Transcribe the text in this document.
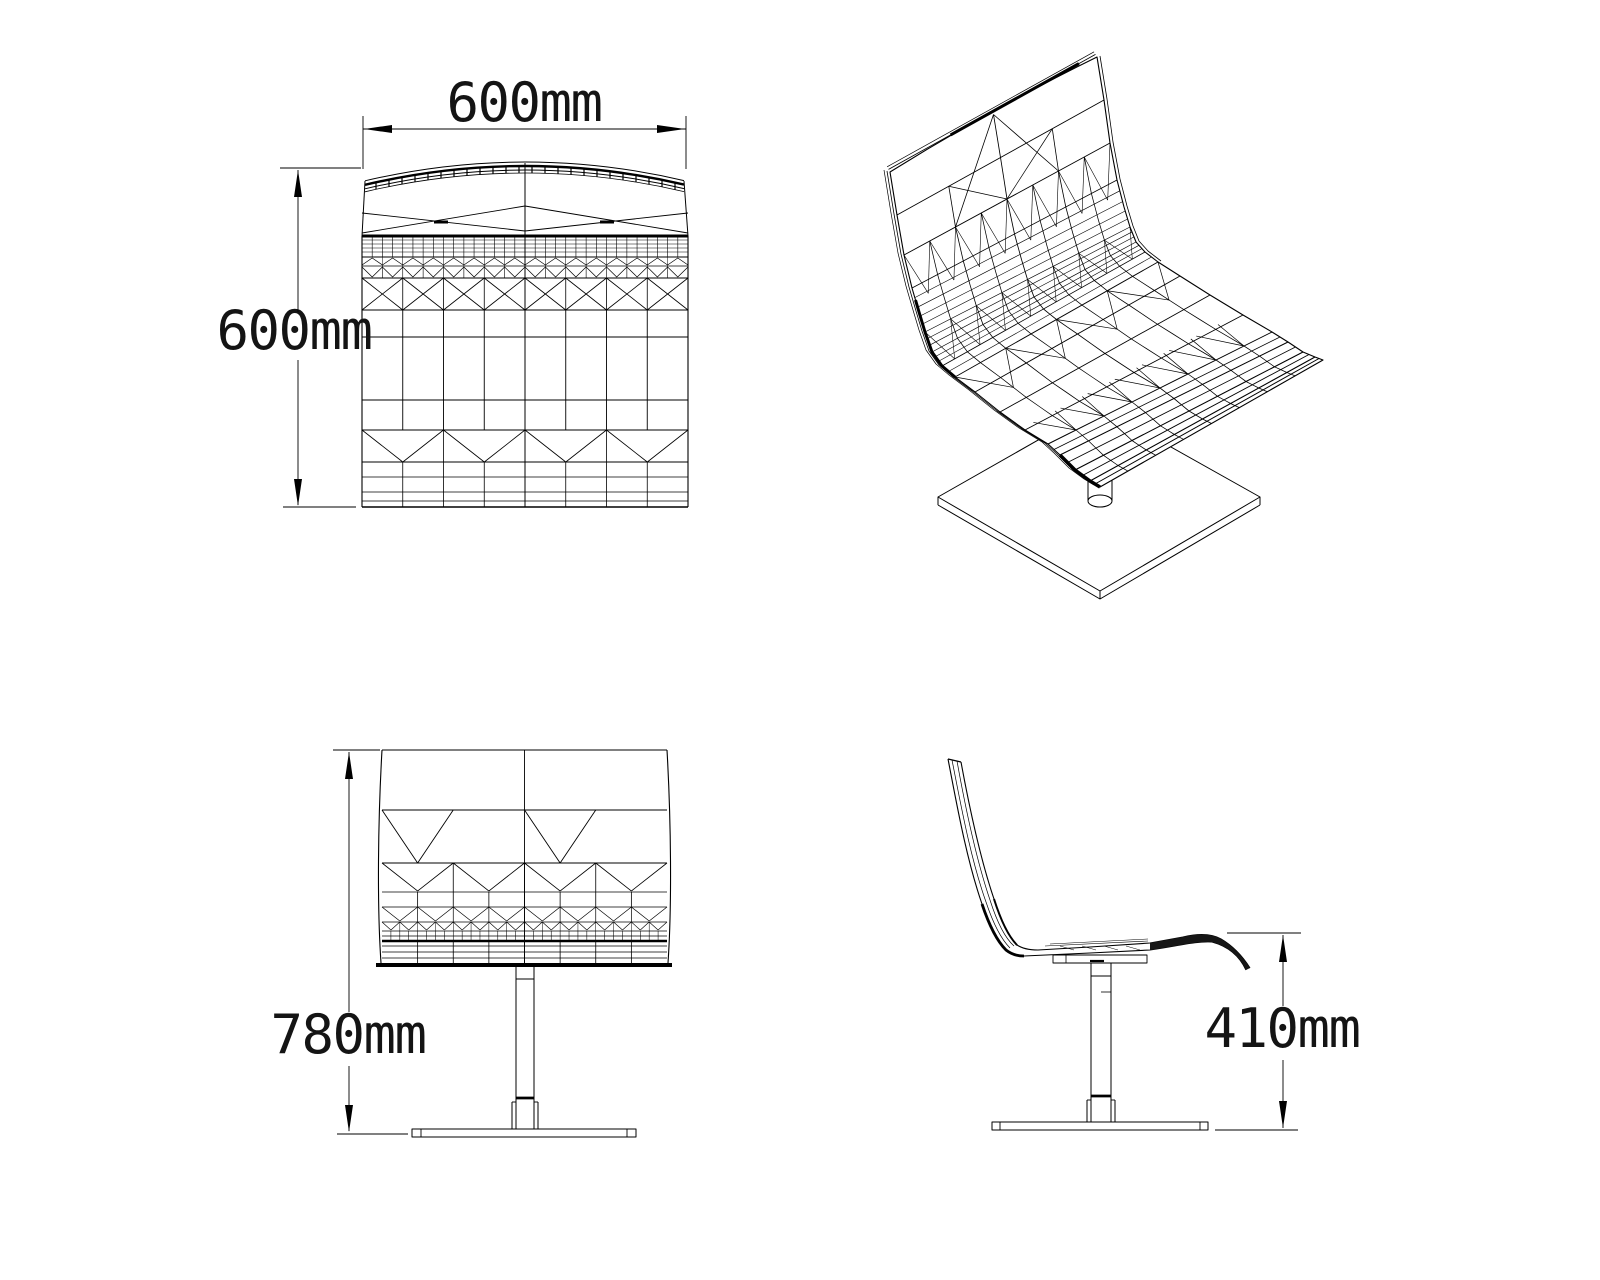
600mm
600mm
780mm	410mm
